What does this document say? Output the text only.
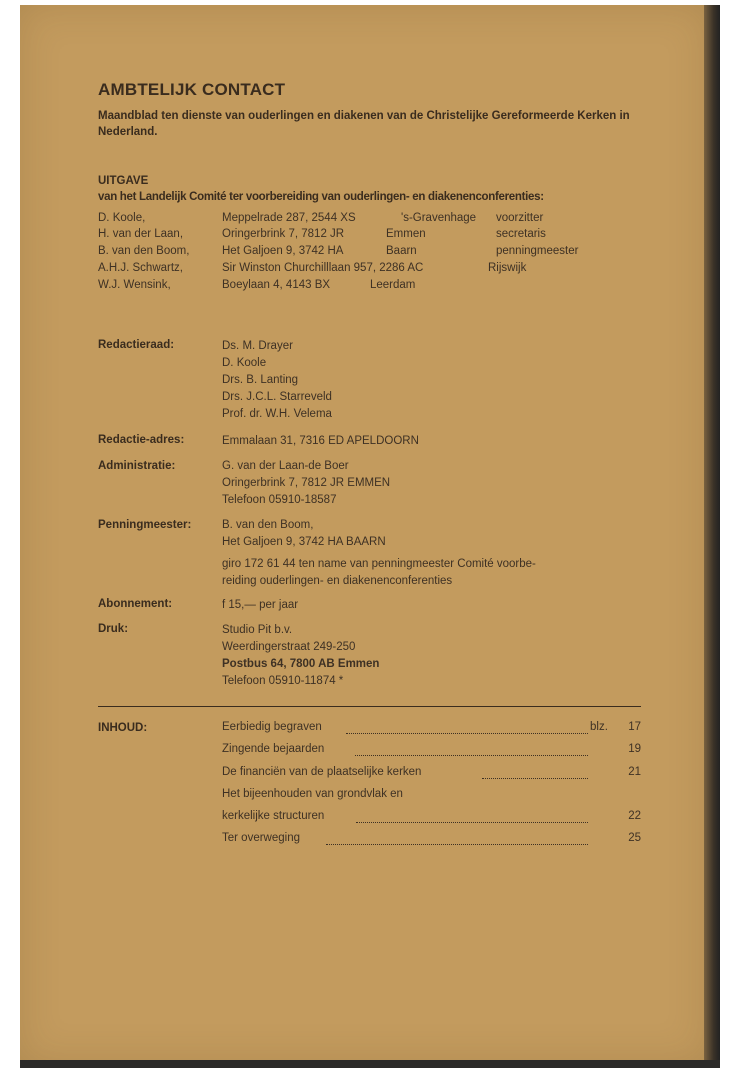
AMBTELIJK CONTACT
Maandblad ten dienste van ouderlingen en diakenen van de Christelijke Gereformeerde Kerken in Nederland.
UITGAVE
van het Landelijk Comité ter voorbereiding van ouderlingen- en diakenenconferenties:
D. Koole,	Meppelrade 287, 2544 XS	's-Gravenhage voorzitter
H. van der Laan,	Oringerbrink 7, 7812 JR	Emmen	secretaris
B. van den Boom,	Het Galjoen 9, 3742 HA	Baarn	penningmeester
A.H.J. Schwartz,	Sir Winston Churchilllaan 957, 2286 AC	Rijswijk
W.J. Wensink,	Boeylaan 4, 4143 BX	Leerdam
Redactieraad:	Ds. M. Drayer
D. Koole
Drs. B. Lanting
Drs. J.C.L. Starreveld
Prof. dr. W.H. Velema
Redactie-adres:	Emmalaan 31, 7316 ED APELDOORN
Administratie:	G. van der Laan-de Boer
Oringerbrink 7, 7812 JR EMMEN
Telefoon 05910-18587
Penningmeester:	B. van den Boom,
Het Galjoen 9, 3742 HA BAARN
giro 172 61 44 ten name van penningmeester Comité voorbe-
reiding ouderlingen- en diakenenconferenties
Abonnement:	f 15,— per jaar
Druk:	Studio Pit b.v.
Weerdingerstraat 249-250
Postbus 64, 7800 AB Emmen
Telefoon 05910-11874 *
INHOUD:	Eerbiedig begraven	blz.	17
Zingende bejaarden	19
De financiën van de plaatselijke kerken	21
Het bijeenhouden van grondvlak en
kerkelijke structuren	22
Ter overweging	25
